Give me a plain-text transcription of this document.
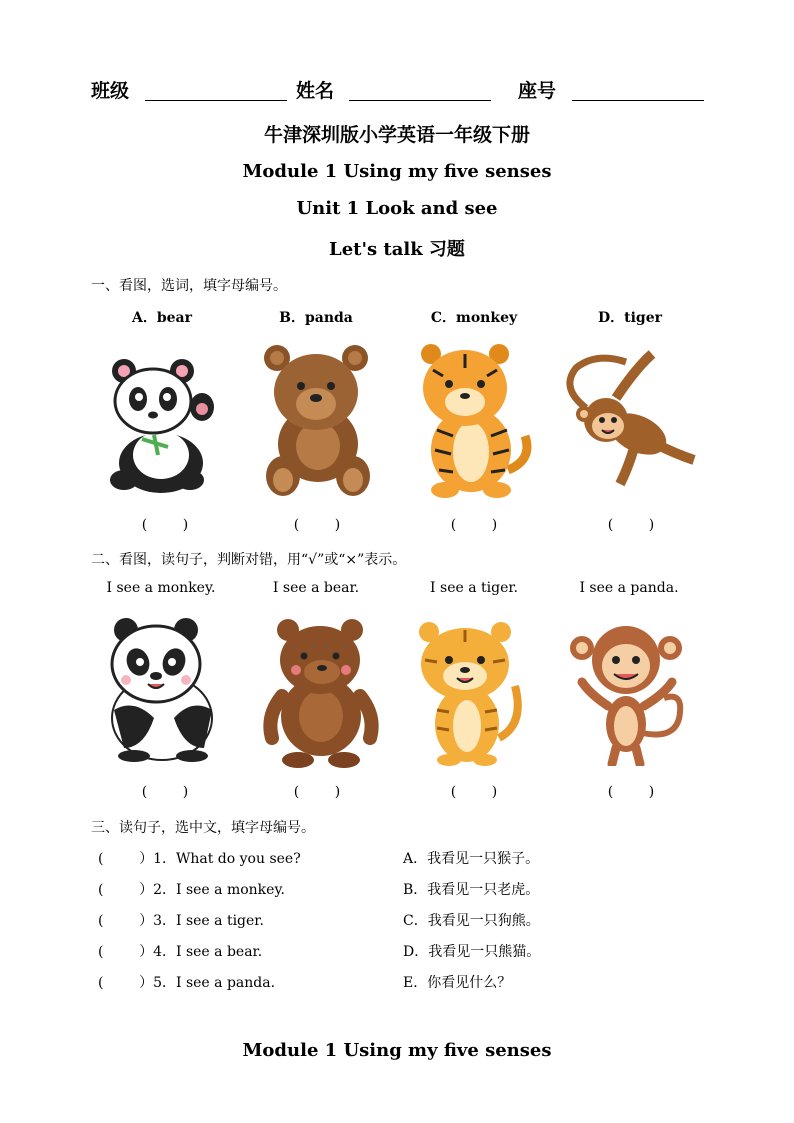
班级	姓名	座号
牛津深圳版小学英语一年级下册
Module 1 Using my five senses
Unit 1 Look and see
Let's talk 习题
一、看图，选词，填字母编号。
A．bear	B．panda	C．monkey	D．tiger
(        )	(        )	(        )	(        )
二、看图，读句子，判断对错，用“√”或“×”表示。
I see a monkey.	I see a bear.	I see a tiger.	I see a panda.
(        )	(        )	(        )	(        )
三、读句子，选中文，填字母编号。
(        ）1．What do you see?
(        ）2．I see a monkey.
(        ）3．I see a tiger.
(        ）4．I see a bear.
(        ）5．I see a panda.
A．我看见一只猴子。
B．我看见一只老虎。
C．我看见一只狗熊。
D．我看见一只熊猫。
E．你看见什么？
Module 1 Using my five senses
